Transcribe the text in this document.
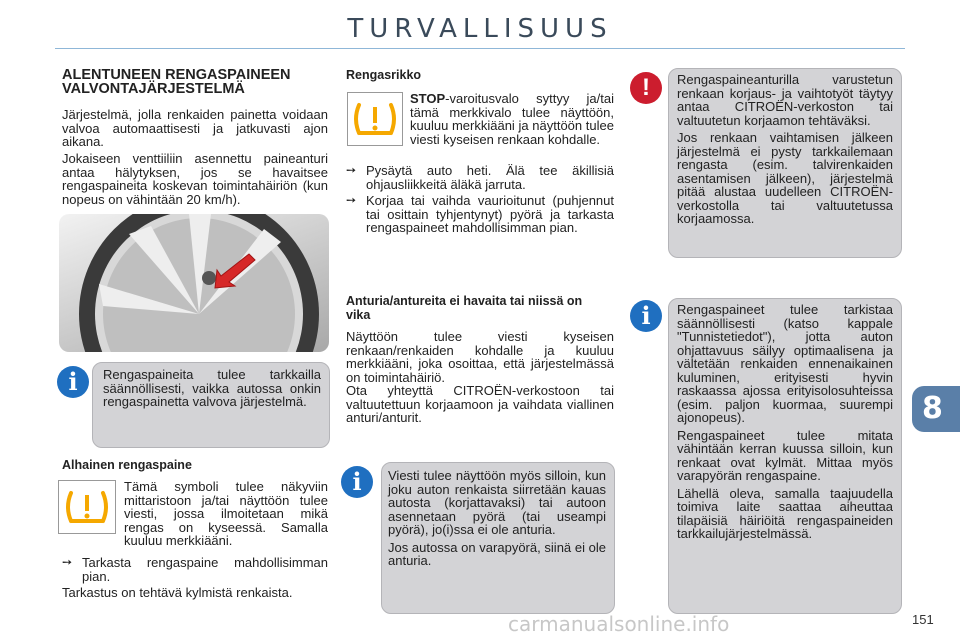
TURVALLISUUS
ALENTUNEEN RENGASPAINEEN VALVONTAJÄRJESTELMÄ
Järjestelmä, jolla renkaiden painetta voidaan valvoa automaattisesti ja jatkuvasti ajon aikana.
Jokaiseen venttiiliin asennettu paineanturi antaa hälytyksen, jos se havaitsee rengaspaineita koskevan toimintahäiriön (kun nopeus on vähintään 20 km/h).
Rengaspaineita tulee tarkkailla säännöllisesti, vaikka autossa onkin rengaspainetta valvova järjestelmä.
i
Alhainen rengaspaine
Tämä symboli tulee näkyviin mittaristoon ja/tai näyttöön tulee viesti, jossa ilmoitetaan mikä rengas on kyseessä. Samalla kuuluu merkkiääni.
➙ Tarkasta rengaspaine mahdollisimman pian.
Tarkastus on tehtävä kylmistä renkaista.
Rengasrikko
STOP-varoitusvalo syttyy ja/tai tämä merkkivalo tulee näyttöön, kuuluu merkkiääni ja näyttöön tulee viesti kyseisen renkaan kohdalle.
➙ Pysäytä auto heti. Älä tee äkillisiä ohjausliikkeitä äläkä jarruta.
➙ Korjaa tai vaihda vaurioitunut (puhjennut tai osittain tyhjentynyt) pyörä ja tarkasta rengaspaineet mahdollisimman pian.
Anturia/antureita ei havaita tai niissä on vika
Näyttöön tulee viesti kyseisen renkaan/renkaiden kohdalle ja kuuluu merkkiääni, joka osoittaa, että järjestelmässä on toimintahäiriö.
Ota yhteyttä CITROËN-verkostoon tai valtuutettuun korjaamoon ja vaihdata viallinen anturi/anturit.
Viesti tulee näyttöön myös silloin, kun joku auton renkaista siirretään kauas autosta (korjattavaksi) tai autoon asennetaan pyörä (tai useampi pyörä), jo(i)ssa ei ole anturia.
Jos autossa on varapyörä, siinä ei ole anturia.
i
Rengaspaineanturilla varustetun renkaan korjaus- ja vaihtotyöt täytyy antaa CITROËN-verkoston tai valtuutetun korjaamon tehtäväksi.
Jos renkaan vaihtamisen jälkeen järjestelmä ei pysty tarkkailemaan rengasta (esim. talvirenkaiden asentamisen jälkeen), järjestelmä pitää alustaa uudelleen CITROËN-verkostolla tai valtuutetussa korjaamossa.
!
Rengaspaineet tulee tarkistaa säännöllisesti (katso kappale "Tunnistetiedot"), jotta auton ohjattavuus säilyy optimaalisena ja vältetään renkaiden ennenaikainen kuluminen, erityisesti hyvin raskaassa ajossa erityisolosuhteissa (esim. paljon kuormaa, suurempi ajonopeus).
Rengaspaineet tulee mitata vähintään kerran kuussa silloin, kun renkaat ovat kylmät. Mittaa myös varapyörän rengaspaine.
Lähellä oleva, samalla taajuudella toimiva laite saattaa aiheuttaa tilapäisiä häiriöitä rengaspaineiden tarkkailujärjestelmässä.
i
8
carmanualsonline.info	151
